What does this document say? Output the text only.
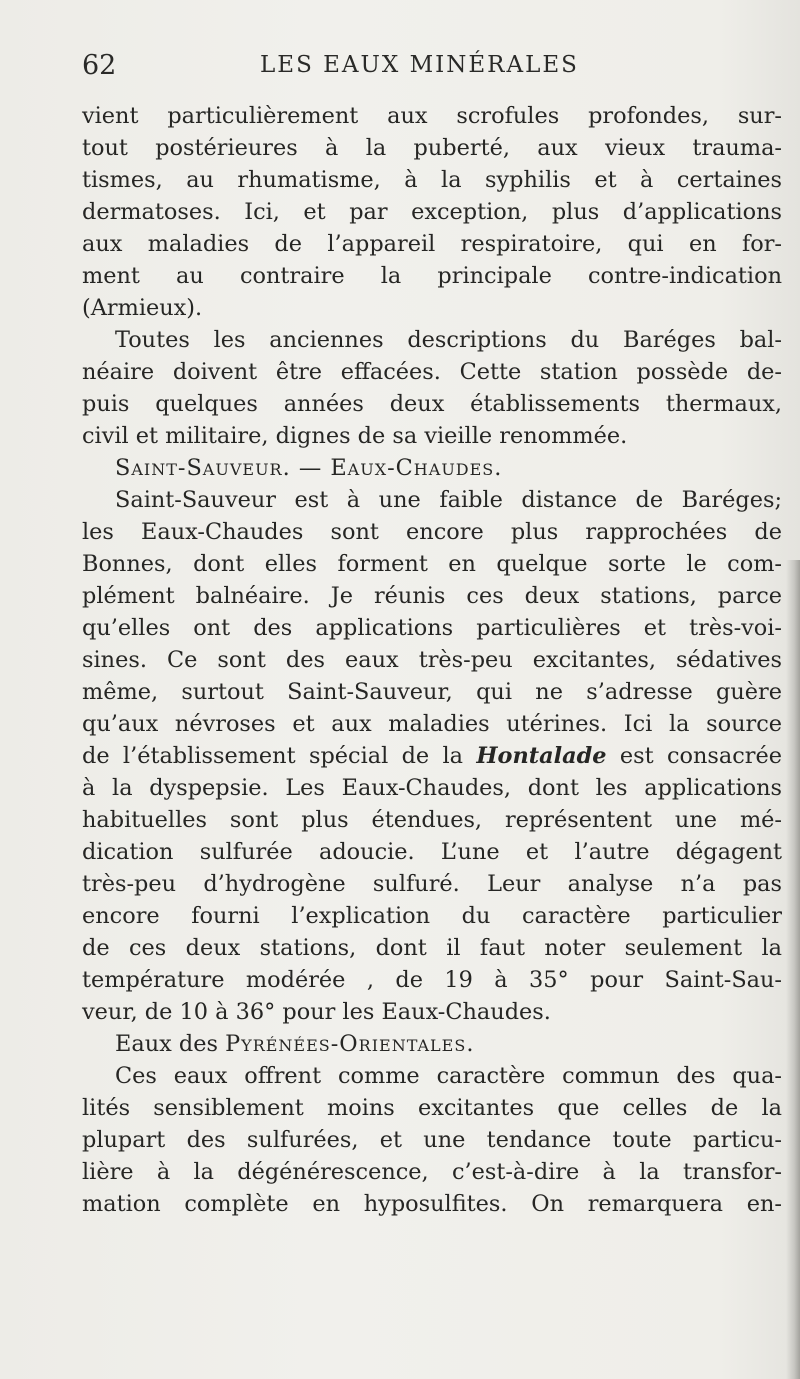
62	LES EAUX MINÉRALES
vient particulièrement aux scrofules profondes, sur-
tout postérieures à la puberté, aux vieux trauma-
tismes, au rhumatisme, à la syphilis et à certaines
dermatoses. Ici, et par exception, plus d’applications
aux maladies de l’appareil respiratoire, qui en for-
ment au contraire la principale contre-indication
(Armieux).
Toutes les anciennes descriptions du Baréges bal-
néaire doivent être effacées. Cette station possède de-
puis quelques années deux établissements thermaux,
civil et militaire, dignes de sa vieille renommée.
Saint-Sauveur. — Eaux-Chaudes.
Saint-Sauveur est à une faible distance de Baréges;
les Eaux-Chaudes sont encore plus rapprochées de
Bonnes, dont elles forment en quelque sorte le com-
plément balnéaire. Je réunis ces deux stations, parce
qu’elles ont des applications particulières et très-voi-
sines. Ce sont des eaux très-peu excitantes, sédatives
même, surtout Saint-Sauveur, qui ne s’adresse guère
qu’aux névroses et aux maladies utérines. Ici la source
de l’établissement spécial de la Hontalade est consacrée
à la dyspepsie. Les Eaux-Chaudes, dont les applications
habituelles sont plus étendues, représentent une mé-
dication sulfurée adoucie. L’une et l’autre dégagent
très-peu d’hydrogène sulfuré. Leur analyse n’a pas
encore fourni l’explication du caractère particulier
de ces deux stations, dont il faut noter seulement la
température modérée , de 19 à 35° pour Saint-Sau-
veur, de 10 à 36° pour les Eaux-Chaudes.
Eaux des Pyrénées-Orientales.
Ces eaux offrent comme caractère commun des qua-
lités sensiblement moins excitantes que celles de la
plupart des sulfurées, et une tendance toute particu-
lière à la dégénérescence, c’est-à-dire à la transfor-
mation complète en hyposulfites. On remarquera en-
